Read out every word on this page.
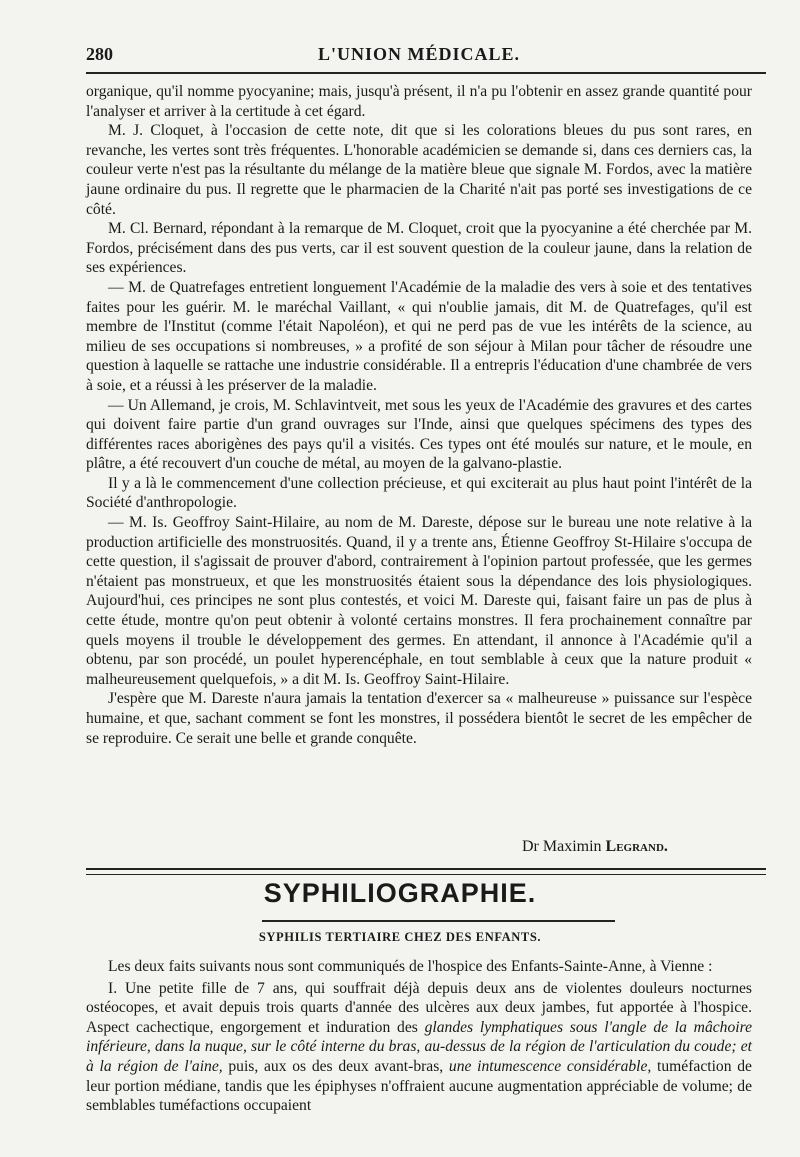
280	L'UNION MÉDICALE.

organique, qu'il nomme pyocyanine; mais, jusqu'à présent, il n'a pu l'obtenir en assez grande quantité pour l'analyser et arriver à la certitude à cet égard.

M. J. Cloquet, à l'occasion de cette note, dit que si les colorations bleues du pus sont rares, en revanche, les vertes sont très fréquentes. L'honorable académicien se demande si, dans ces derniers cas, la couleur verte n'est pas la résultante du mélange de la matière bleue que signale M. Fordos, avec la matière jaune ordinaire du pus. Il regrette que le pharmacien de la Charité n'ait pas porté ses investigations de ce côté.

M. Cl. Bernard, répondant à la remarque de M. Cloquet, croit que la pyocyanine a été cherchée par M. Fordos, précisément dans des pus verts, car il est souvent question de la couleur jaune, dans la relation de ses expériences.

— M. de Quatrefages entretient longuement l'Académie de la maladie des vers à soie et des tentatives faites pour les guérir. M. le maréchal Vaillant, « qui n'oublie jamais, dit M. de Quatrefages, qu'il est membre de l'Institut (comme l'était Napoléon), et qui ne perd pas de vue les intérêts de la science, au milieu de ses occupations si nombreuses, » a profité de son séjour à Milan pour tâcher de résoudre une question à laquelle se rattache une industrie considérable. Il a entrepris l'éducation d'une chambrée de vers à soie, et a réussi à les préserver de la maladie.

— Un Allemand, je crois, M. Schlavintveit, met sous les yeux de l'Académie des gravures et des cartes qui doivent faire partie d'un grand ouvrages sur l'Inde, ainsi que quelques spécimens des types des différentes races aborigènes des pays qu'il a visités. Ces types ont été moulés sur nature, et le moule, en plâtre, a été recouvert d'un couche de métal, au moyen de la galvano-plastie.

Il y a là le commencement d'une collection précieuse, et qui exciterait au plus haut point l'intérêt de la Société d'anthropologie.

— M. Is. Geoffroy Saint-Hilaire, au nom de M. Dareste, dépose sur le bureau une note relative à la production artificielle des monstruosités. Quand, il y a trente ans, Étienne Geoffroy St-Hilaire s'occupa de cette question, il s'agissait de prouver d'abord, contrairement à l'opinion partout professée, que les germes n'étaient pas monstrueux, et que les monstruosités étaient sous la dépendance des lois physiologiques. Aujourd'hui, ces principes ne sont plus contestés, et voici M. Dareste qui, faisant faire un pas de plus à cette étude, montre qu'on peut obtenir à volonté certains monstres. Il fera prochainement connaître par quels moyens il trouble le développement des germes. En attendant, il annonce à l'Académie qu'il a obtenu, par son procédé, un poulet hyperencéphale, en tout semblable à ceux que la nature produit « malheureusement quelquefois, » a dit M. Is. Geoffroy Saint-Hilaire.

J'espère que M. Dareste n'aura jamais la tentation d'exercer sa « malheureuse » puissance sur l'espèce humaine, et que, sachant comment se font les monstres, il possédera bientôt le secret de les empêcher de se reproduire. Ce serait une belle et grande conquête.

Dr Maximin Legrand.
SYPHILIOGRAPHIE.
SYPHILIS TERTIAIRE CHEZ DES ENFANTS.

Les deux faits suivants nous sont communiqués de l'hospice des Enfants-Sainte-Anne, à Vienne :

I. Une petite fille de 7 ans, qui souffrait déjà depuis deux ans de violentes douleurs nocturnes ostéocopes, et avait depuis trois quarts d'année des ulcères aux deux jambes, fut apportée à l'hospice. Aspect cachectique, engorgement et induration des glandes lymphatiques sous l'angle de la mâchoire inférieure, dans la nuque, sur le côté interne du bras, au-dessus de la région de l'articulation du coude; et à la région de l'aine, puis, aux os des deux avant-bras, une intumescence considérable, tuméfaction de leur portion médiane, tandis que les épiphyses n'offraient aucune augmentation appréciable de volume; de semblables tuméfactions occupaient
